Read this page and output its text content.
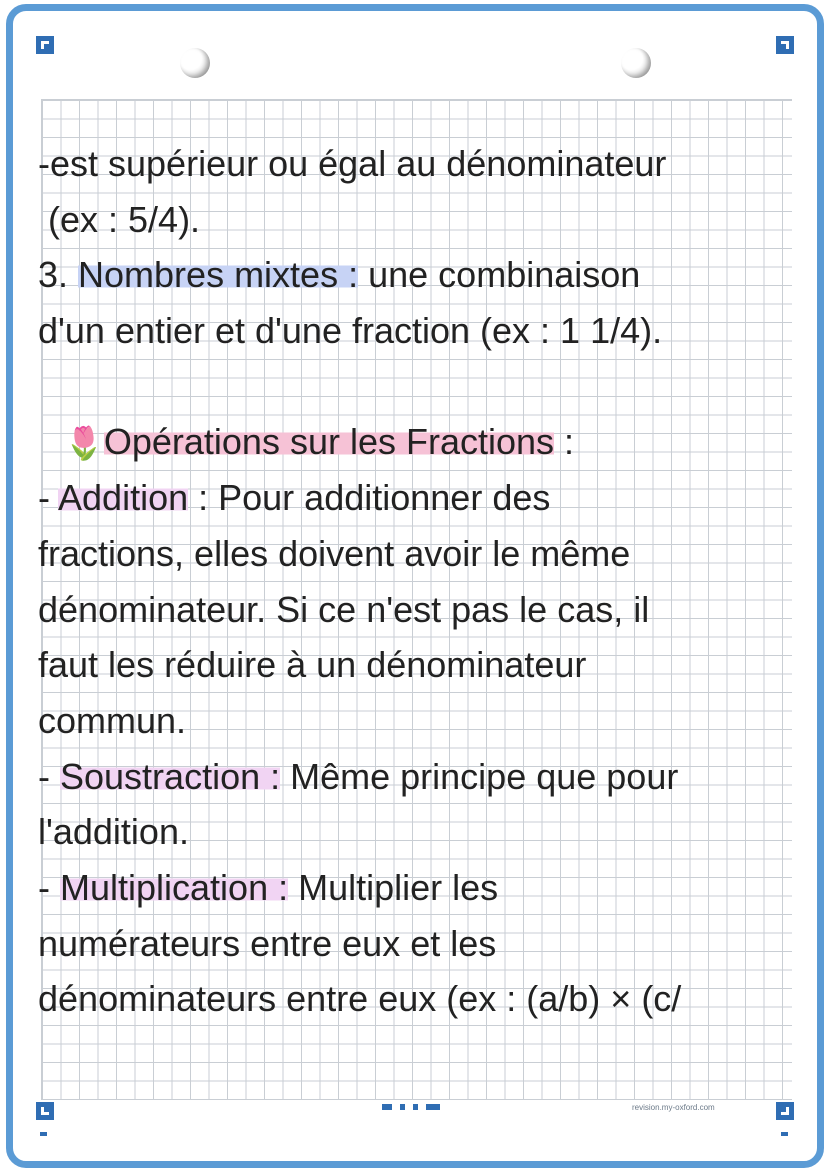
revision.my-oxford.com
-est supérieur ou égal au dénominateur
(ex : 5/4).
3. Nombres mixtes : une combinaison
d'un entier et d'une fraction (ex : 1 1/4).
🌷Opérations sur les Fractions :
- Addition : Pour additionner des
fractions, elles doivent avoir le même
dénominateur. Si ce n'est pas le cas, il
faut les réduire à un dénominateur
commun.
- Soustraction : Même principe que pour
l'addition.
- Multiplication : Multiplier les
numérateurs entre eux et les
dénominateurs entre eux (ex : (a/b) × (c/
